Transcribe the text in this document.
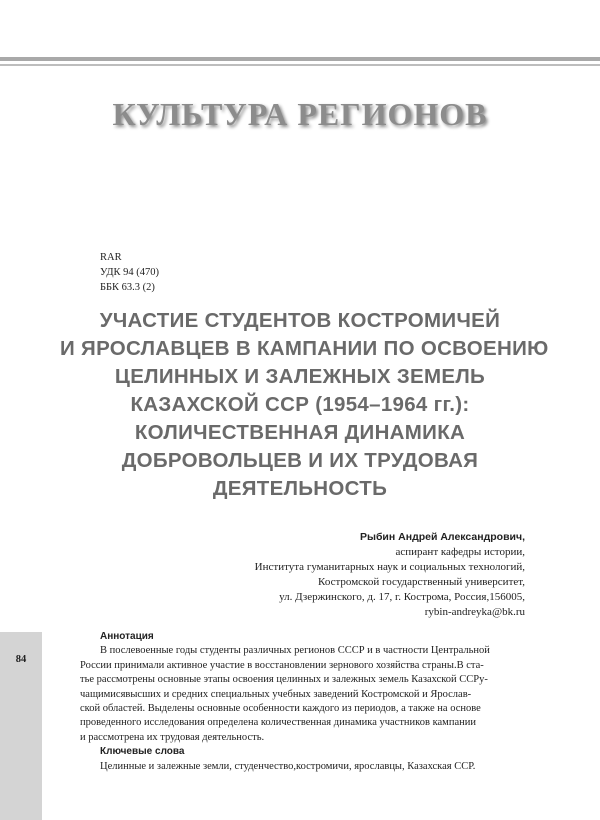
КУЛЬТУРА РЕГИОНОВ
RAR
УДК 94 (470)
ББК 63.3 (2)
УЧАСТИЕ СТУДЕНТОВ КОСТРОМИЧЕЙ
И ЯРОСЛАВЦЕВ В КАМПАНИИ ПО ОСВОЕНИЮ
ЦЕЛИННЫХ И ЗАЛЕЖНЫХ ЗЕМЕЛЬ
КАЗАХСКОЙ ССР (1954–1964 гг.):
КОЛИЧЕСТВЕННАЯ ДИНАМИКА
ДОБРОВОЛЬЦЕВ И ИХ ТРУДОВАЯ
ДЕЯТЕЛЬНОСТЬ
Рыбин Андрей Александрович,
аспирант кафедры истории,
Института гуманитарных наук и социальных технологий,
Костромской государственный университет,
ул. Дзержинского, д. 17, г. Кострома, Россия,156005,
rybin-andreyka@bk.ru
84
Аннотация
В послевоенные годы студенты различных регионов СССР и в частности Центральной
России принимали активное участие в восстановлении зернового хозяйства страны.В ста-
тье рассмотрены основные этапы освоения целинных и залежных земель Казахской ССРу-
чащимисявысших и средних специальных учебных заведений Костромской и Ярослав-
ской областей. Выделены основные особенности каждого из периодов, а также на основе
проведенного исследования определена количественная динамика участников кампании
и рассмотрена их трудовая деятельность.
Ключевые слова
Целинные и залежные земли, студенчество,костромичи, ярославцы, Казахская ССР.
